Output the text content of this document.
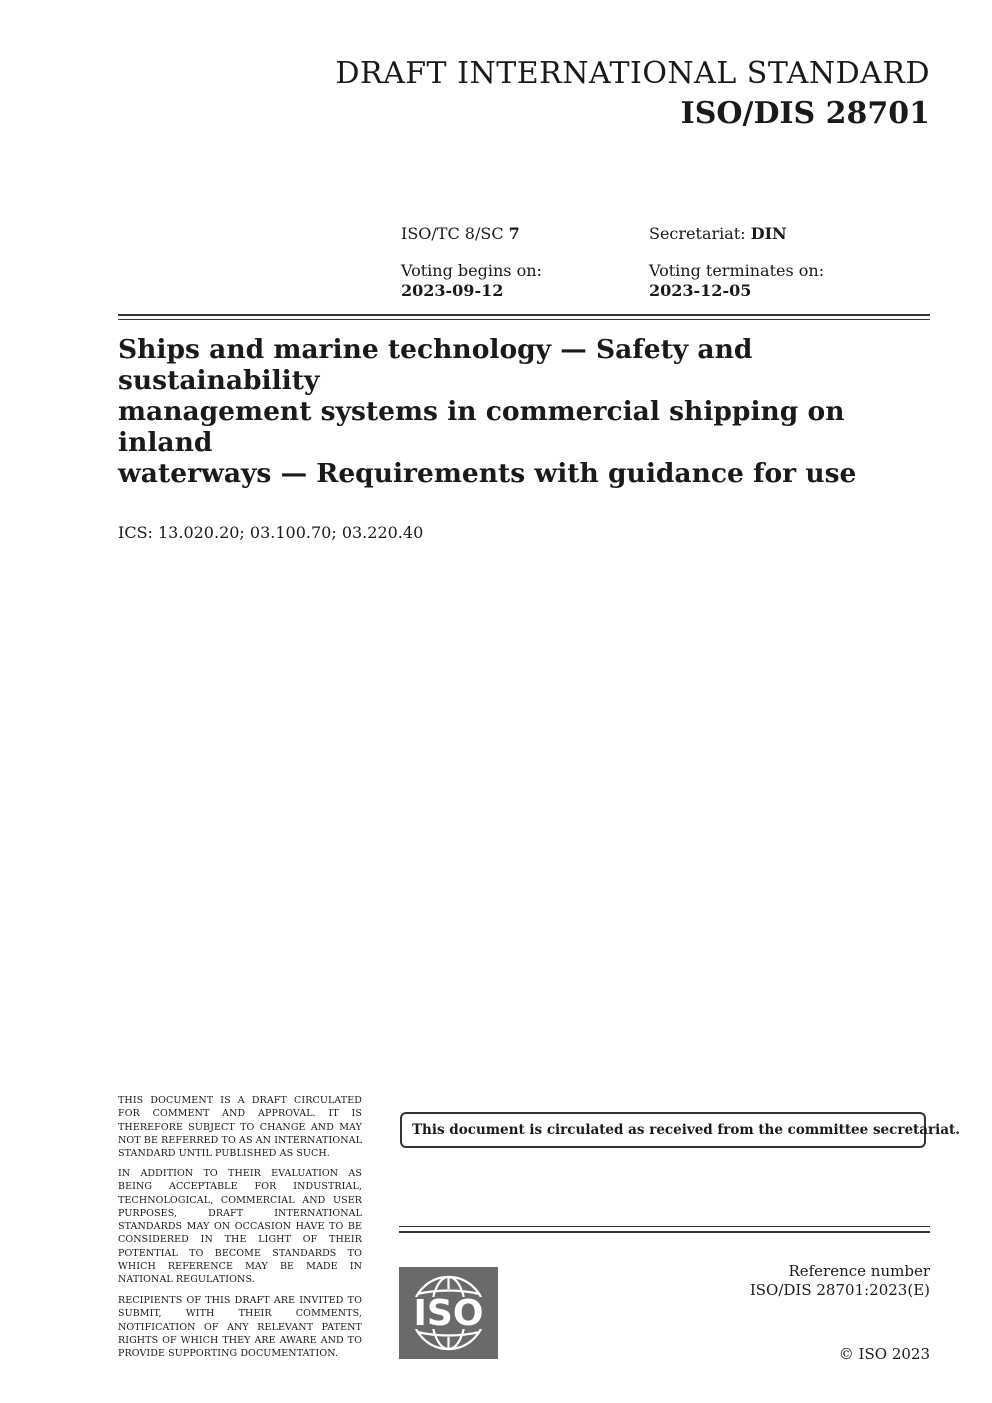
DRAFT INTERNATIONAL STANDARD
ISO/DIS 28701
ISO/TC 8/SC 7	Secretariat: DIN
Voting begins on:
2023-09-12
Voting terminates on:
2023-12-05
Ships and marine technology — Safety and sustainability
management systems in commercial shipping on inland
waterways — Requirements with guidance for use
ICS: 13.020.20; 03.100.70; 03.220.40
THIS DOCUMENT IS A DRAFT CIRCULATED FOR COMMENT AND APPROVAL. IT IS THEREFORE SUBJECT TO CHANGE AND MAY NOT BE REFERRED TO AS AN INTERNATIONAL STANDARD UNTIL PUBLISHED AS SUCH.
IN ADDITION TO THEIR EVALUATION AS BEING ACCEPTABLE FOR INDUSTRIAL, TECHNOLOGICAL, COMMERCIAL AND USER PURPOSES, DRAFT INTERNATIONAL STANDARDS MAY ON OCCASION HAVE TO BE CONSIDERED IN THE LIGHT OF THEIR POTENTIAL TO BECOME STANDARDS TO WHICH REFERENCE MAY BE MADE IN NATIONAL REGULATIONS.
RECIPIENTS OF THIS DRAFT ARE INVITED TO SUBMIT, WITH THEIR COMMENTS, NOTIFICATION OF ANY RELEVANT PATENT RIGHTS OF WHICH THEY ARE AWARE AND TO PROVIDE SUPPORTING DOCUMENTATION.
This document is circulated as received from the committee secretariat.
ISO
Reference number
ISO/DIS 28701:2023(E)
© ISO 2023
